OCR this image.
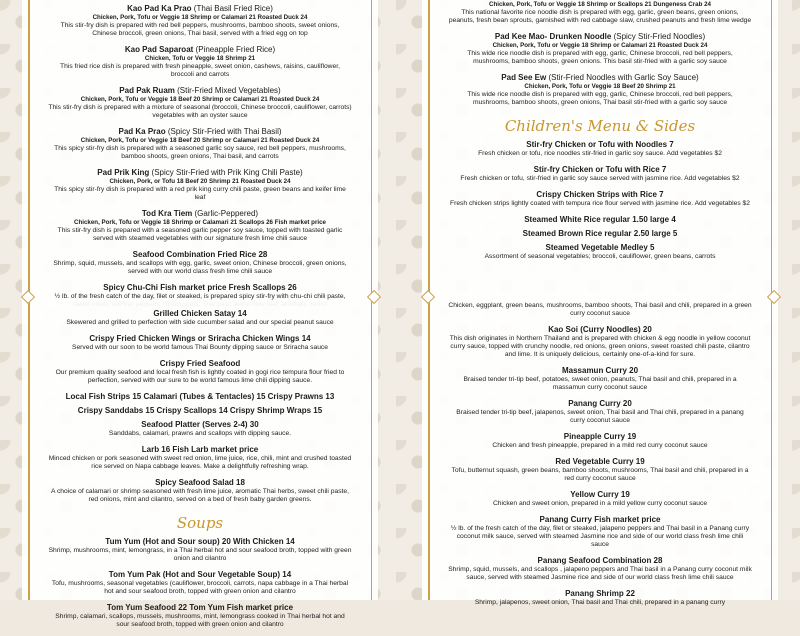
Kao Pad Ka Prao (Thai Basil Fried Rice)
Chicken, Pork, Tofu or Veggie 18 Shrimp or Calamari 21 Roasted Duck 24
This stir-fry dish is prepared with red bell peppers, mushrooms, bamboo shoots, sweet onions, Chinese broccoli, green onions, Thai basil, served with a fried egg on top
Kao Pad Saparoat (Pineapple Fried Rice)
Chicken, Tofu or Veggie 18 Shrimp 21
This fried rice dish is prepared with fresh pineapple, sweet onion, cashews, raisins, cauliflower, broccoli and carrots
Pad Pak Ruam (Stir-Fried Mixed Vegetables)
Chicken, Pork, Tofu or Veggie 18 Beef 20 Shrimp or Calamari 21 Roasted Duck 24
This stir-fry dish is prepared with a mixture of seasonal (broccoli, Chinese broccoli, cauliflower, carrots) vegetables with an oyster sauce
Pad Ka Prao (Spicy Stir-Fried with Thai Basil)
Chicken, Pork, Tofu or Veggie 18 Beef 20 Shrimp or Calamari 21 Roasted Duck 24
This spicy stir-fry dish is prepared with a seasoned garlic soy sauce, red bell peppers, mushrooms, bamboo shoots, green onions, Thai basil, and carrots
Pad Prik King (Spicy Stir-Fried with Prik King Chili Paste)
Chicken, Pork, or Tofu 18 Beef 20 Shrimp 21 Roasted Duck 24
This spicy stir-fry dish is prepared with a red prik king curry chili paste, green beans and keifer lime leaf
Tod Kra Tiem (Garlic-Peppered)
Chicken, Pork, Tofu or Veggie 18 Shrimp or Calamari 21 Scallops 26 Fish market price
This stir-fry dish is prepared with a seasoned garlic pepper soy sauce, topped with toasted garlic served with steamed vegetables with our signature fresh lime chili sauce
Seafood Combination Fried Rice 28
Shrimp, squid, mussels, and scallops with egg, garlic, sweet onion, Chinese broccoli, green onions, served with our world class fresh lime chili sauce
Spicy Chu-Chi Fish market price Fresh Scallops 26
½ lb. of the fresh catch of the day, filet or steaked, is prepared spicy stir-fry with chu-chi chili paste,
Chicken, Pork, Tofu or Veggie 18 Shrimp or Scallops 21 Dungeness Crab 24
This national favorite rice noodle dish is prepared with egg, garlic, green beans, green onions, peanuts, fresh bean sprouts, garnished with red cabbage slaw, crushed peanuts and fresh lime wedge
Pad Kee Mao- Drunken Noodle (Spicy Stir-Fried Noodles)
Chicken, Pork, Tofu or Veggie 18 Shrimp or Calamari 21 Roasted Duck 24
This wide rice noodle dish is prepared with egg, garlic, Chinese broccoli, red bell peppers, mushrooms, bamboo shoots, green onions. This basil stir-fried with a garlic soy sauce
Pad See Ew (Stir-Fried Noodles with Garlic Soy Sauce)
Chicken, Pork, Tofu or Veggie 18 Beef 20 Shrimp 21
This wide rice noodle dish is prepared with egg, garlic, Chinese broccoli, red bell peppers, mushrooms, bamboo shoots, green onions, Thai basil stir-fried with a garlic soy sauce
Children's Menu & Sides
Stir-fry Chicken or Tofu with Noodles 7
Fresh chicken or tofu, rice noodles stir-fried in garlic soy sauce. Add vegetables $2
Stir-fry Chicken or Tofu with Rice 7
Fresh chicken or tofu, stir-fried in garlic soy sauce served with jasmine rice. Add vegetables $2
Crispy Chicken Strips with Rice 7
Fresh chicken strips lightly coated with tempura rice flour served with jasmine rice. Add vegetables $2
Steamed White Rice regular 1.50 large 4
Steamed Brown Rice regular 2.50 large 5
Steamed Vegetable Medley 5
Assortment of seasonal vegetables; broccoli, cauliflower, green beans, carrots
Grilled Chicken Satay 14
Skewered and grilled to perfection with side cucumber salad and our special peanut sauce
Crispy Fried Chicken Wings or Sriracha Chicken Wings 14
Served with our soon to be world famous Thai Bounty dipping sauce or Sriracha sauce
Crispy Fried Seafood
Our premium quality seafood and local fresh fish is lightly coated in gogi rice tempura flour fried to perfection, served with our sure to be world famous lime chili dipping sauce.
Local Fish Strips 15 Calamari (Tubes & Tentacles) 15 Crispy Prawns 13
Crispy Sanddabs 15 Crispy Scallops 14 Crispy Shrimp Wraps 15
Seafood Platter (Serves 2-4) 30
Sanddabs, calamari, prawns and scallops with dipping sauce.
Larb 16 Fish Larb market price
Minced chicken or pork seasoned with sweet red onion, lime juice, rice, chili, mint and crushed toasted rice served on Napa cabbage leaves. Make a delightfully refreshing wrap.
Spicy Seafood Salad 18
A choice of calamari or shrimp seasoned with fresh lime juice, aromatic Thai herbs, sweet chili paste, red onions, mint and cilantro, served on a bed of fresh baby garden greens.
Soups
Tum Yum (Hot and Sour soup) 20 With Chicken 14
Shrimp, mushrooms, mint, lemongrass, in a Thai herbal hot and sour seafood broth, topped with green onion and cilantro
Tom Yum Pak (Hot and Sour Vegetable Soup) 14
Tofu, mushrooms, seasonal vegetables (cauliflower, broccoli, carrots, napa cabbage in a Thai herbal hot and sour seafood broth, topped with green onion and cilantro
Tom Yum Seafood 22 Tom Yum Fish market price
Shrimp, calamari, scallops, mussels, mushrooms, mint, lemongrass cooked in Thai herbal hot and sour seafood broth, topped with green onion and cilantro
Chicken, eggplant, green beans, mushrooms, bamboo shoots, Thai basil and chili, prepared in a green curry coconut sauce
Kao Soi (Curry Noodles) 20
This dish originates in Northern Thailand and is prepared with chicken & egg noodle in yellow coconut curry sauce, topped with crunchy noodle, red onions, green onions, sweet roasted chili paste, cilantro and lime. It is uniquely delicious, certainly one-of-a-kind for sure.
Massamun Curry 20
Braised tender tri-tip beef, potatoes, sweet onion, peanuts, Thai basil and chili, prepared in a massamun curry coconut sauce
Panang Curry 20
Braised tender tri-tip beef, jalapenos, sweet onion, Thai basil and Thai chili, prepared in a panang curry coconut sauce
Pineapple Curry 19
Chicken and fresh pineapple, prepared in a mild red curry coconut sauce
Red Vegetable Curry 19
Tofu, butternut squash, green beans, bamboo shoots, mushrooms, Thai basil and chili, prepared in a red curry coconut sauce
Yellow Curry 19
Chicken and sweet onion, prepared in a mild yellow curry coconut sauce
Panang Curry Fish market price
½ lb. of the fresh catch of the day, filet or steaked, jalapeno peppers and Thai basil in a Panang curry coconut milk sauce, served with steamed Jasmine rice and side of our world class fresh lime chili sauce
Panang Seafood Combination 28
Shrimp, squid, mussels, and scallops , jalapeno peppers and Thai basil in a Panang curry coconut milk sauce, served with steamed Jasmine rice and side of our world class fresh lime chili sauce
Panang Shrimp 22
Shrimp, jalapenos, sweet onion, Thai basil and Thai chili, prepared in a panang curry
